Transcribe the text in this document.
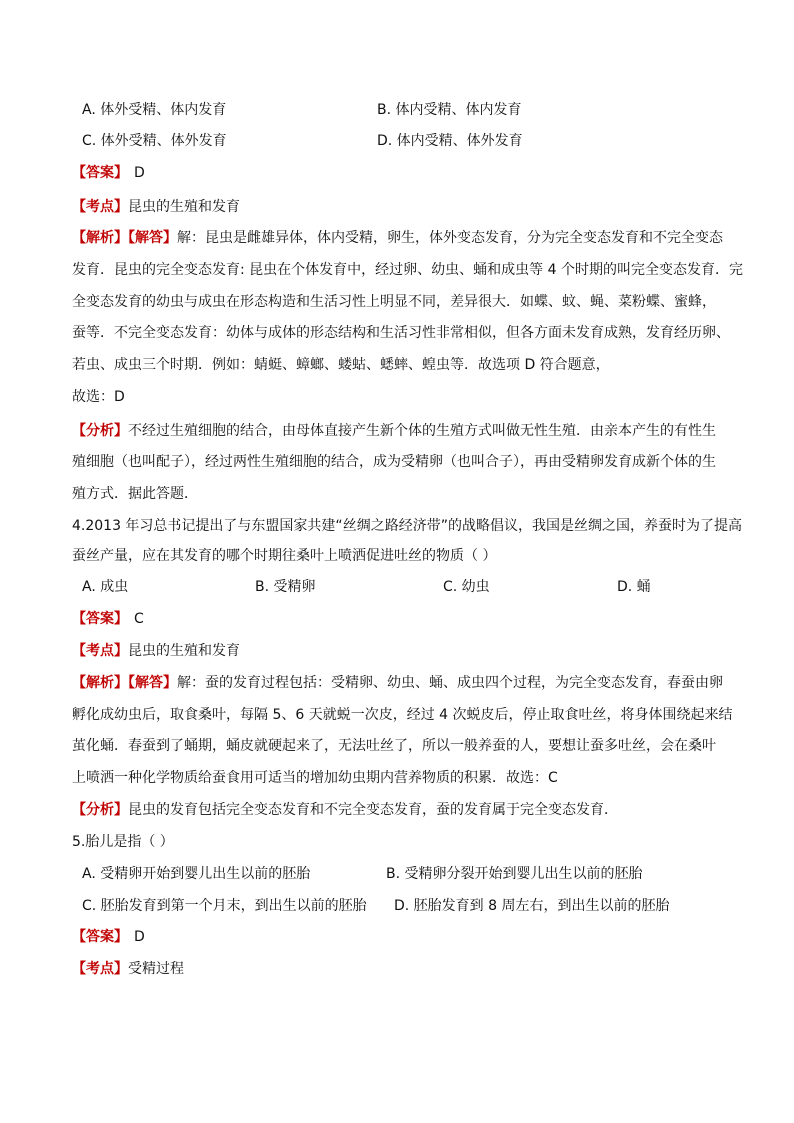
A. 体外受精、体内发育	B. 体内受精、体内发育
C. 体外受精、体外发育	D. 体内受精、体外发育
【答案】 D
【考点】昆虫的生殖和发育
【解析】【解答】解：昆虫是雌雄异体，体内受精，卵生，体外变态发育，分为完全变态发育和不完全变态
发育．昆虫的完全变态发育: 昆虫在个体发育中，经过卵、幼虫、蛹和成虫等 4 个时期的叫完全变态发育．完
全变态发育的幼虫与成虫在形态构造和生活习性上明显不同，差异很大．如蝶、蚊、蝇、菜粉蝶、蜜蜂，
蚕等．不完全变态发育：幼体与成体的形态结构和生活习性非常相似，但各方面未发育成熟，发育经历卵、
若虫、成虫三个时期．例如：蜻蜓、蟑螂、蝼蛄、蟋蟀、蝗虫等．故选项 D 符合题意，
故选：D
【分析】不经过生殖细胞的结合，由母体直接产生新个体的生殖方式叫做无性生殖．由亲本产生的有性生
殖细胞（也叫配子），经过两性生殖细胞的结合，成为受精卵（也叫合子），再由受精卵发育成新个体的生
殖方式．据此答题．
4.2013 年习总书记提出了与东盟国家共建“丝绸之路经济带”的战略倡议，我国是丝绸之国，养蚕时为了提高
蚕丝产量，应在其发育的哪个时期往桑叶上喷洒促进吐丝的物质（ ）
A. 成虫	B. 受精卵	C. 幼虫	D. 蛹
【答案】 C
【考点】昆虫的生殖和发育
【解析】【解答】解：蚕的发育过程包括：受精卵、幼虫、蛹、成虫四个过程，为完全变态发育，春蚕由卵
孵化成幼虫后，取食桑叶，每隔 5、6 天就蜕一次皮，经过 4 次蜕皮后，停止取食吐丝，将身体围绕起来结
茧化蛹．春蚕到了蛹期，蛹皮就硬起来了，无法吐丝了，所以一般养蚕的人，要想让蚕多吐丝，会在桑叶
上喷洒一种化学物质给蚕食用可适当的增加幼虫期内营养物质的积累．故选：C
【分析】昆虫的发育包括完全变态发育和不完全变态发育，蚕的发育属于完全变态发育．
5.胎儿是指（ ）
A. 受精卵开始到婴儿出生以前的胚胎	B. 受精卵分裂开始到婴儿出生以前的胚胎
C. 胚胎发育到第一个月末，到出生以前的胚胎 D. 胚胎发育到 8 周左右，到出生以前的胚胎
【答案】 D
【考点】受精过程
